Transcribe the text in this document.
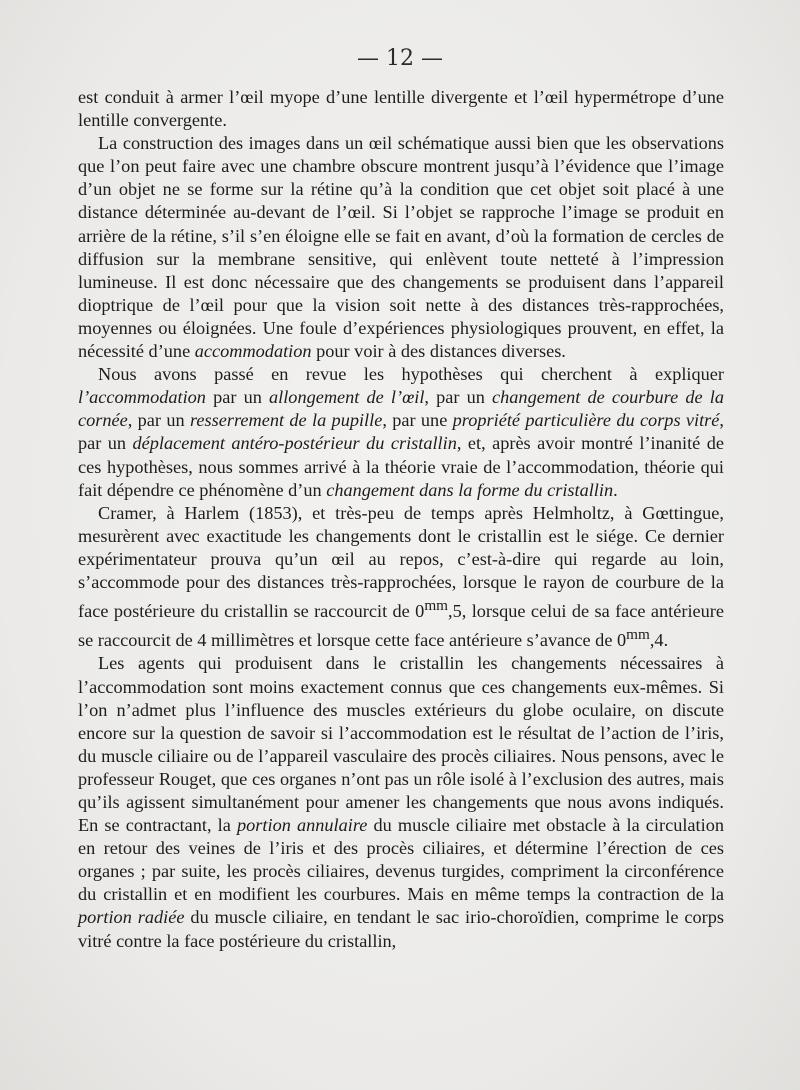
— 12 —

est conduit à armer l’œil myope d’une lentille divergente et l’œil hypermétrope d’une lentille convergente.

La construction des images dans un œil schématique aussi bien que les observations que l’on peut faire avec une chambre obscure montrent jusqu’à l’évidence que l’image d’un objet ne se forme sur la rétine qu’à la condition que cet objet soit placé à une distance déterminée au-devant de l’œil. Si l’objet se rapproche l’image se produit en arrière de la rétine, s’il s’en éloigne elle se fait en avant, d’où la formation de cercles de diffusion sur la membrane sensitive, qui enlèvent toute netteté à l’impression lumineuse. Il est donc nécessaire que des changements se produisent dans l’appareil dioptrique de l’œil pour que la vision soit nette à des distances très-rapprochées, moyennes ou éloignées. Une foule d’expériences physiologiques prouvent, en effet, la nécessité d’une accommodation pour voir à des distances diverses.

Nous avons passé en revue les hypothèses qui cherchent à expliquer l’accommodation par un allongement de l’œil, par un changement de courbure de la cornée, par un resserrement de la pupille, par une propriété particulière du corps vitré, par un déplacement antéro-postérieur du cristallin, et, après avoir montré l’inanité de ces hypothèses, nous sommes arrivé à la théorie vraie de l’accommodation, théorie qui fait dépendre ce phénomène d’un changement dans la forme du cristallin.

Cramer, à Harlem (1853), et très-peu de temps après Helmholtz, à Gœttingue, mesurèrent avec exactitude les changements dont le cristallin est le siége. Ce dernier expérimentateur prouva qu’un œil au repos, c’est-à-dire qui regarde au loin, s’accommode pour des distances très-rapprochées, lorsque le rayon de courbure de la face postérieure du cristallin se raccourcit de $0^{mm},5$, lorsque celui de sa face antérieure se raccourcit de 4 millimètres et lorsque cette face antérieure s’avance de $0^{mm},4$.

Les agents qui produisent dans le cristallin les changements nécessaires à l’accommodation sont moins exactement connus que ces changements eux-mêmes. Si l’on n’admet plus l’influence des muscles extérieurs du globe oculaire, on discute encore sur la question de savoir si l’accommodation est le résultat de l’action de l’iris, du muscle ciliaire ou de l’appareil vasculaire des procès ciliaires. Nous pensons, avec le professeur Rouget, que ces organes n’ont pas un rôle isolé à l’exclusion des autres, mais qu’ils agissent simultanément pour amener les changements que nous avons indiqués. En se contractant, la portion annulaire du muscle ciliaire met obstacle à la circulation en retour des veines de l’iris et des procès ciliaires, et détermine l’érection de ces organes ; par suite, les procès ciliaires, devenus turgides, compriment la circonférence du cristallin et en modifient les courbures. Mais en même temps la contraction de la portion radiée du muscle ciliaire, en tendant le sac irio-choroïdien, comprime le corps vitré contre la face postérieure du cristallin,
